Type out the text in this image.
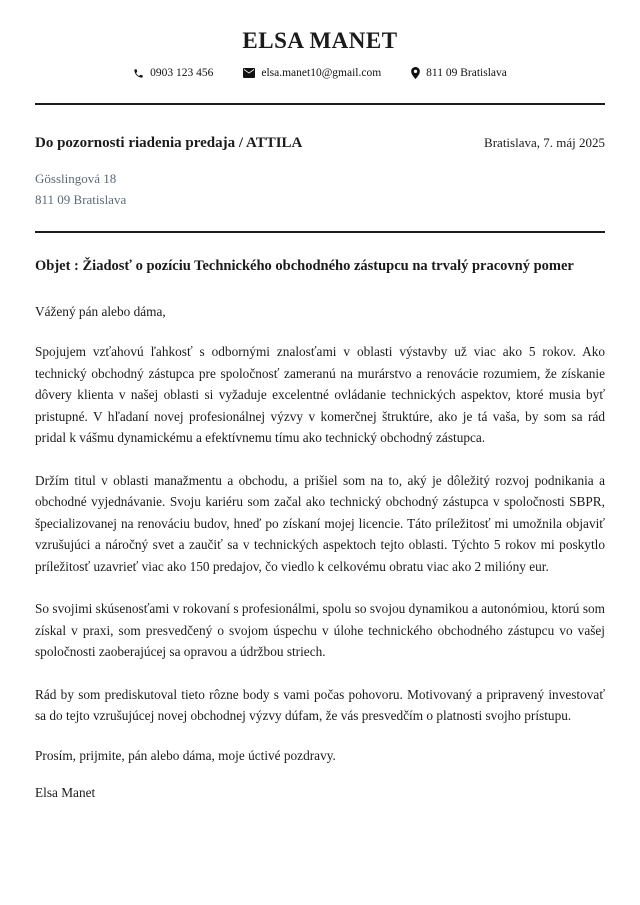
ELSA MANET
0903 123 456	elsa.manet10@gmail.com	811 09 Bratislava
Do pozornosti riadenia predaja / ATTILA	Bratislava, 7. máj 2025
Gösslingová 18
811 09 Bratislava
Objet : Žiadosť o pozíciu Technického obchodného zástupcu na trvalý pracovný pomer
Vážený pán alebo dáma,

Spojujem vzťahovú ľahkosť s odbornými znalosťami v oblasti výstavby už viac ako 5 rokov. Ako technický obchodný zástupca pre spoločnosť zameranú na murárstvo a renovácie rozumiem, že získanie dôvery klienta v našej oblasti si vyžaduje excelentné ovládanie technických aspektov, ktoré musia byť pristupné. V hľadaní novej profesionálnej výzvy v komerčnej štruktúre, ako je tá vaša, by som sa rád pridal k vášmu dynamickému a efektívnemu tímu ako technický obchodný zástupca.

Držím titul v oblasti manažmentu a obchodu, a prišiel som na to, aký je dôležitý rozvoj podnikania a obchodné vyjednávanie. Svoju kariéru som začal ako technický obchodný zástupca v spoločnosti SBPR, špecializovanej na renováciu budov, hneď po získaní mojej licencie. Táto príležitosť mi umožnila objaviť vzrušujúci a náročný svet a zaučiť sa v technických aspektoch tejto oblasti. Týchto 5 rokov mi poskytlo príležitosť uzavrieť viac ako 150 predajov, čo viedlo k celkovému obratu viac ako 2 milióny eur.

So svojimi skúsenosťami v rokovaní s profesionálmi, spolu so svojou dynamikou a autonómiou, ktorú som získal v praxi, som presvedčený o svojom úspechu v úlohe technického obchodného zástupcu vo vašej spoločnosti zaoberajúcej sa opravou a údržbou striech.

Rád by som prediskutoval tieto rôzne body s vami počas pohovoru. Motivovaný a pripravený investovať sa do tejto vzrušujúcej novej obchodnej výzvy dúfam, že vás presvedčím o platnosti svojho prístupu.

Prosím, prijmite, pán alebo dáma, moje úctivé pozdravy.
Elsa Manet
